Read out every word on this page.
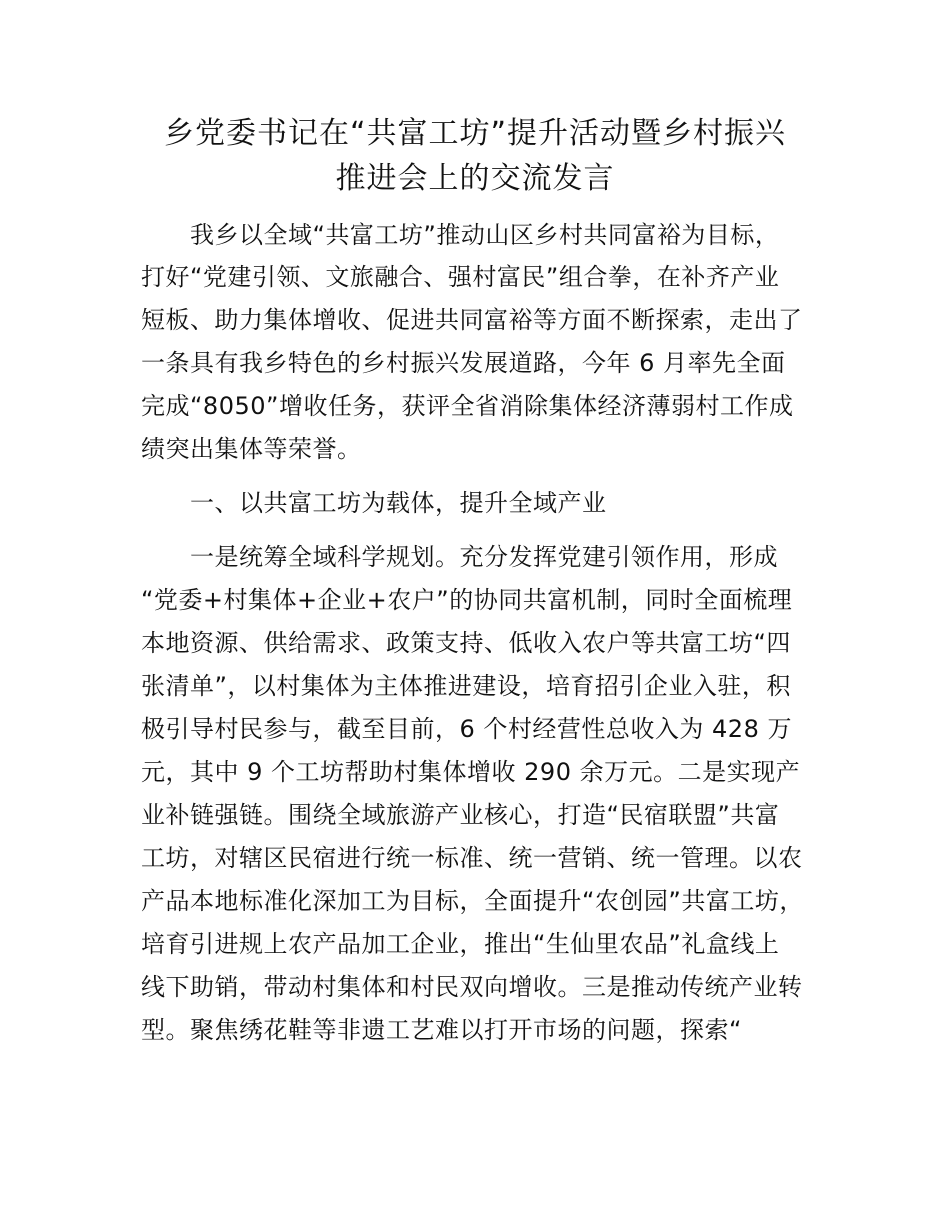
乡党委书记在“共富工坊”提升活动暨乡村振兴
推进会上的交流发言

我乡以全域“共富工坊”推动山区乡村共同富裕为目标，

打好“党建引领、文旅融合、强村富民”组合拳，在补齐产业

短板、助力集体增收、促进共同富裕等方面不断探索，走出了

一条具有我乡特色的乡村振兴发展道路，今年 6 月率先全面

完成“8050”增收任务，获评全省消除集体经济薄弱村工作成

绩突出集体等荣誉。

一、以共富工坊为载体，提升全域产业

一是统筹全域科学规划。充分发挥党建引领作用，形成

“党委+村集体+企业+农户”的协同共富机制，同时全面梳理

本地资源、供给需求、政策支持、低收入农户等共富工坊“四

张清单”，以村集体为主体推进建设，培育招引企业入驻，积

极引导村民参与，截至目前，6 个村经营性总收入为 428 万

元，其中 9 个工坊帮助村集体增收 290 余万元。二是实现产

业补链强链。围绕全域旅游产业核心，打造“民宿联盟”共富

工坊，对辖区民宿进行统一标准、统一营销、统一管理。以农

产品本地标准化深加工为目标，全面提升“农创园”共富工坊，

培育引进规上农产品加工企业，推出“生仙里农品”礼盒线上

线下助销，带动村集体和村民双向增收。三是推动传统产业转

型。聚焦绣花鞋等非遗工艺难以打开市场的问题，探索“
